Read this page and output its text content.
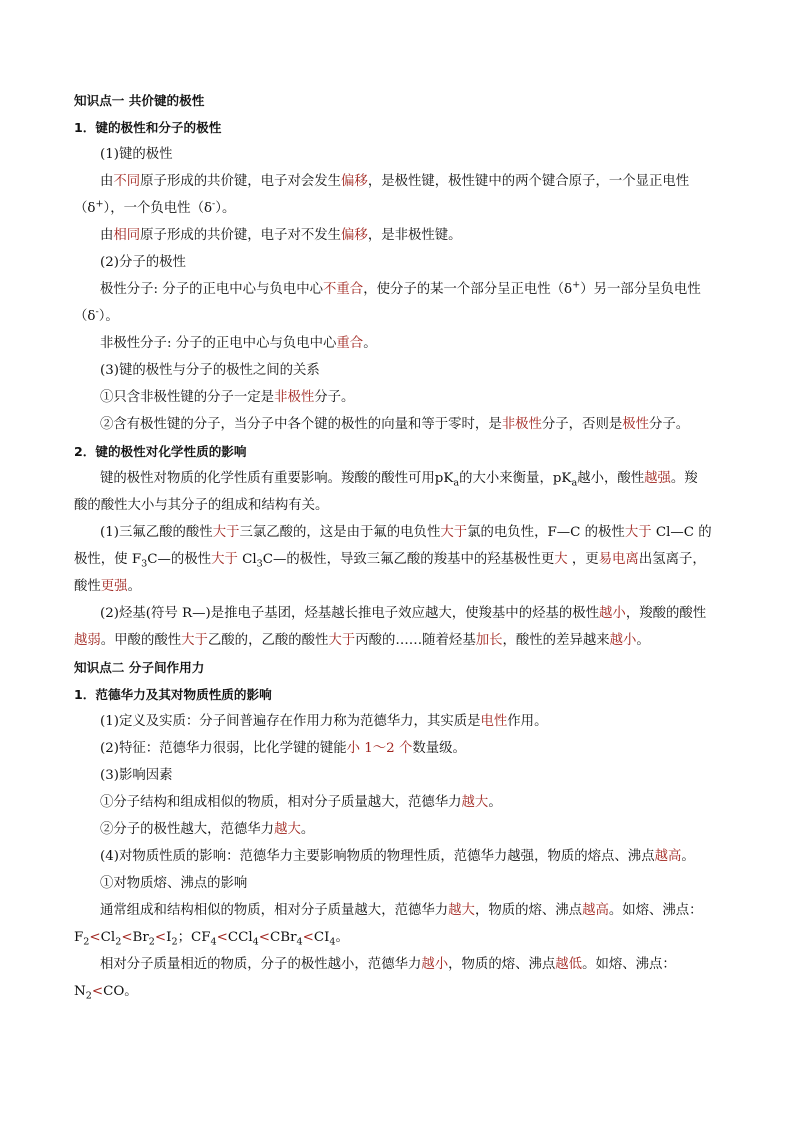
知识点一 共价键的极性
1．键的极性和分子的极性
(1)键的极性
由不同原子形成的共价键，电子对会发生偏移，是极性键，极性键中的两个键合原子，一个显正电性
（δ+），一个负电性（δ-）。
由相同原子形成的共价键，电子对不发生偏移，是非极性键。
(2)分子的极性
极性分子: 分子的正电中心与负电中心不重合，使分子的某一个部分呈正电性（δ+）另一部分呈负电性
（δ-）。
非极性分子: 分子的正电中心与负电中心重合。
(3)键的极性与分子的极性之间的关系
①只含非极性键的分子一定是非极性分子。
②含有极性键的分子，当分子中各个键的极性的向量和等于零时，是非极性分子，否则是极性分子。
2．键的极性对化学性质的影响
键的极性对物质的化学性质有重要影响。羧酸的酸性可用$pK_a$的大小来衡量，$pK_a$越小，酸性越强。羧
酸的酸性大小与其分子的组成和结构有关。
(1)三氟乙酸的酸性大于三氯乙酸的，这是由于氟的电负性大于氯的电负性，F—C 的极性大于 Cl—C 的
极性，使 $F_3C—$的极性大于 $Cl_3C—$的极性，导致三氟乙酸的羧基中的羟基极性更大 ，更易电离出氢离子，
酸性更强。
(2)烃基(符号 R—)是推电子基团，烃基越长推电子效应越大，使羧基中的烃基的极性越小，羧酸的酸性
越弱。甲酸的酸性大于乙酸的，乙酸的酸性大于丙酸的……随着烃基加长，酸性的差异越来越小。
知识点二 分子间作用力
1．范德华力及其对物质性质的影响
(1)定义及实质：分子间普遍存在作用力称为范德华力，其实质是电性作用。
(2)特征：范德华力很弱，比化学键的键能小 1～2 个数量级。
(3)影响因素
①分子结构和组成相似的物质，相对分子质量越大，范德华力越大。
②分子的极性越大，范德华力越大。
(4)对物质性质的影响：范德华力主要影响物质的物理性质，范德华力越强，物质的熔点、沸点越高。
①对物质熔、沸点的影响
通常组成和结构相似的物质，相对分子质量越大，范德华力越大，物质的熔、沸点越高。如熔、沸点：
$F_2<Cl_2<Br_2<I_2$；$CF_4<CCl_4<CBr_4<CI_4$。
相对分子质量相近的物质，分子的极性越小，范德华力越小，物质的熔、沸点越低。如熔、沸点：
$N_2<CO$。
